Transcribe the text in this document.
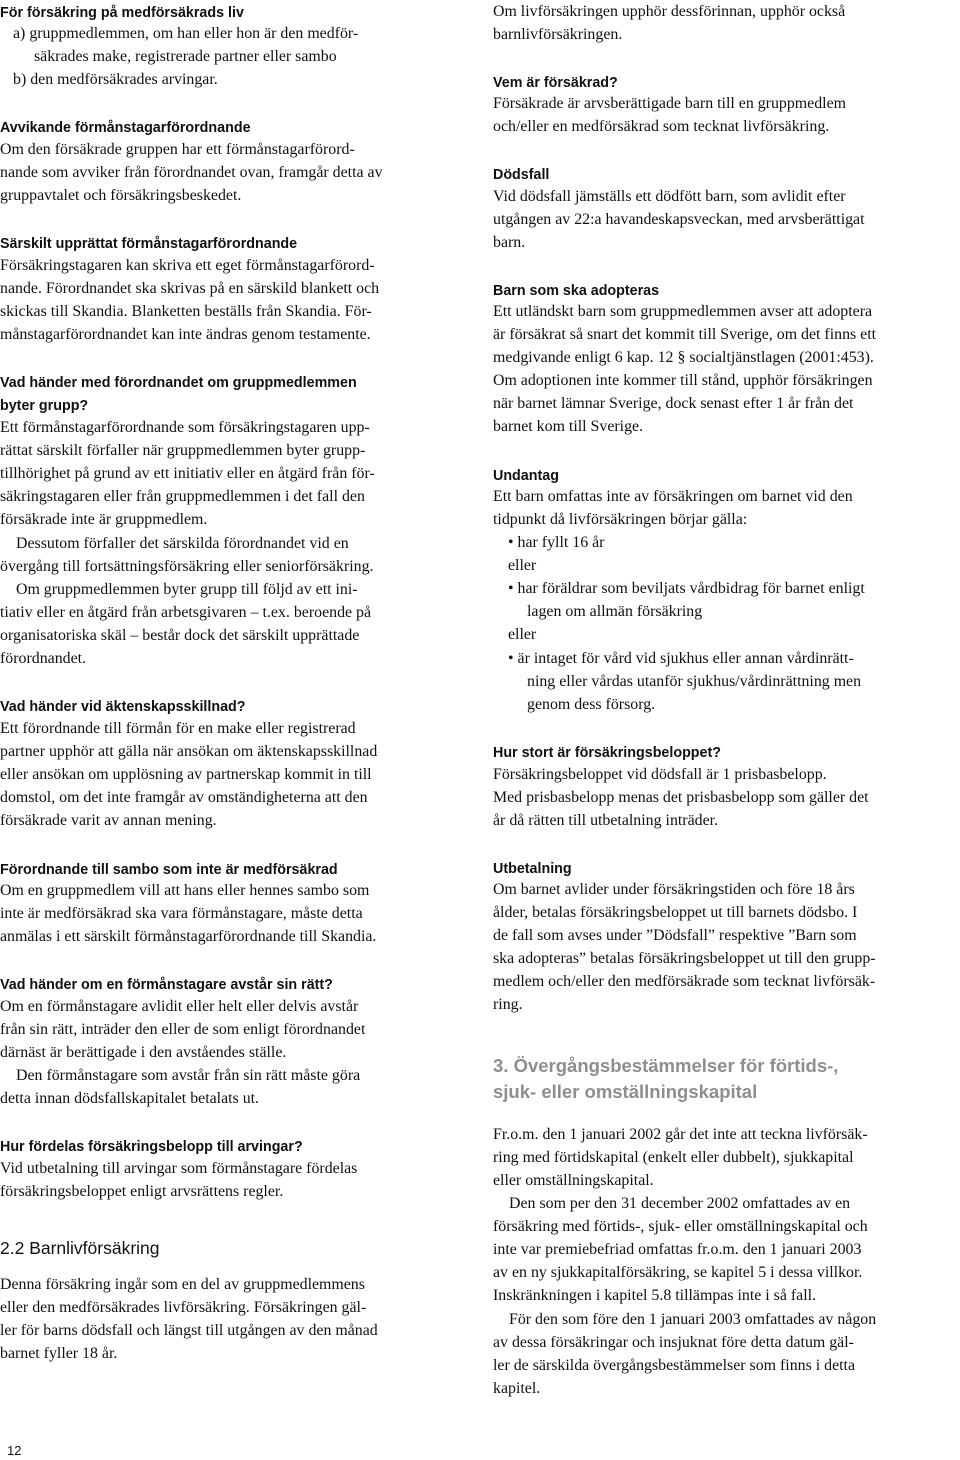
För försäkring på medförsäkrads liv
a) gruppmedlemmen, om han eller hon är den medför-
säkrades make, registrerade partner eller sambo
b) den medförsäkrades arvingar.
Avvikande förmånstagarförordnande
Om den försäkrade gruppen har ett förmånstagarförord-
nande som avviker från förordnandet ovan, framgår detta av
gruppavtalet och försäkringsbeskedet.
Särskilt upprättat förmånstagarförordnande
Försäkringstagaren kan skriva ett eget förmånstagarförord-
nande. Förordnandet ska skrivas på en särskild blankett och
skickas till Skandia. Blanketten beställs från Skandia. För-
månstagarförordnandet kan inte ändras genom testamente.
Vad händer med förordnandet om gruppmedlemmen
byter grupp?
Ett förmånstagarförordnande som försäkringstagaren upp-
rättat särskilt förfaller när gruppmedlemmen byter grupp-
tillhörighet på grund av ett initiativ eller en åtgärd från för-
säkringstagaren eller från gruppmedlemmen i det fall den
försäkrade inte är gruppmedlem.
Dessutom förfaller det särskilda förordnandet vid en
övergång till fortsättningsförsäkring eller seniorförsäkring.
Om gruppmedlemmen byter grupp till följd av ett ini-
tiativ eller en åtgärd från arbetsgivaren – t.ex. beroende på
organisatoriska skäl – består dock det särskilt upprättade
förordnandet.
Vad händer vid äktenskapsskillnad?
Ett förordnande till förmån för en make eller registrerad
partner upphör att gälla när ansökan om äktenskapsskillnad
eller ansökan om upplösning av partnerskap kommit in till
domstol, om det inte framgår av omständigheterna att den
försäkrade varit av annan mening.
Förordnande till sambo som inte är medförsäkrad
Om en gruppmedlem vill att hans eller hennes sambo som
inte är medförsäkrad ska vara förmånstagare, måste detta
anmälas i ett särskilt förmånstagarförordnande till Skandia.
Vad händer om en förmånstagare avstår sin rätt?
Om en förmånstagare avlidit eller helt eller delvis avstår
från sin rätt, inträder den eller de som enligt förordnandet
därnäst är berättigade i den avståendes ställe.
Den förmånstagare som avstår från sin rätt måste göra
detta innan dödsfallskapitalet betalats ut.
Hur fördelas försäkringsbelopp till arvingar?
Vid utbetalning till arvingar som förmånstagare fördelas
försäkringsbeloppet enligt arvsrättens regler.
2.2 Barnlivförsäkring
Denna försäkring ingår som en del av gruppmedlemmens
eller den medförsäkrades livförsäkring. Försäkringen gäl-
ler för barns dödsfall och längst till utgången av den månad
barnet fyller 18 år.
Om livförsäkringen upphör dessförinnan, upphör också
barnlivförsäkringen.
Vem är försäkrad?
Försäkrade är arvsberättigade barn till en gruppmedlem
och/eller en medförsäkrad som tecknat livförsäkring.
Dödsfall
Vid dödsfall jämställs ett dödfött barn, som avlidit efter
utgången av 22:a havandeskapsveckan, med arvsberättigat
barn.
Barn som ska adopteras
Ett utländskt barn som gruppmedlemmen avser att adoptera
är försäkrat så snart det kommit till Sverige, om det finns ett
medgivande enligt 6 kap. 12 § socialtjänstlagen (2001:453).
Om adoptionen inte kommer till stånd, upphör försäkringen
när barnet lämnar Sverige, dock senast efter 1 år från det
barnet kom till Sverige.
Undantag
Ett barn omfattas inte av försäkringen om barnet vid den
tidpunkt då livförsäkringen börjar gälla:
• har fyllt 16 år
eller
• har föräldrar som beviljats vårdbidrag för barnet enligt
lagen om allmän försäkring
eller
• är intaget för vård vid sjukhus eller annan vårdinrätt-
ning eller vårdas utanför sjukhus/vårdinrättning men
genom dess försorg.
Hur stort är försäkringsbeloppet?
Försäkringsbeloppet vid dödsfall är 1 prisbasbelopp.
Med prisbasbelopp menas det prisbasbelopp som gäller det
år då rätten till utbetalning inträder.
Utbetalning
Om barnet avlider under försäkringstiden och före 18 års
ålder, betalas försäkringsbeloppet ut till barnets dödsbo. I
de fall som avses under ”Dödsfall” respektive ”Barn som
ska adopteras” betalas försäkringsbeloppet ut till den grupp-
medlem och/eller den medförsäkrade som tecknat livförsäk-
ring.
3. Övergångsbestämmelser för förtids-,
sjuk- eller omställningskapital
Fr.o.m. den 1 januari 2002 går det inte att teckna livförsäk-
ring med förtidskapital (enkelt eller dubbelt), sjukkapital
eller omställningskapital.
Den som per den 31 december 2002 omfattades av en
försäkring med förtids-, sjuk- eller omställningskapital och
inte var premiebefriad omfattas fr.o.m. den 1 januari 2003
av en ny sjukkapitalförsäkring, se kapitel 5 i dessa villkor.
Inskränkningen i kapitel 5.8 tillämpas inte i så fall.
För den som före den 1 januari 2003 omfattades av någon
av dessa försäkringar och insjuknat före detta datum gäl-
ler de särskilda övergångsbestämmelser som finns i detta
kapitel.
12
